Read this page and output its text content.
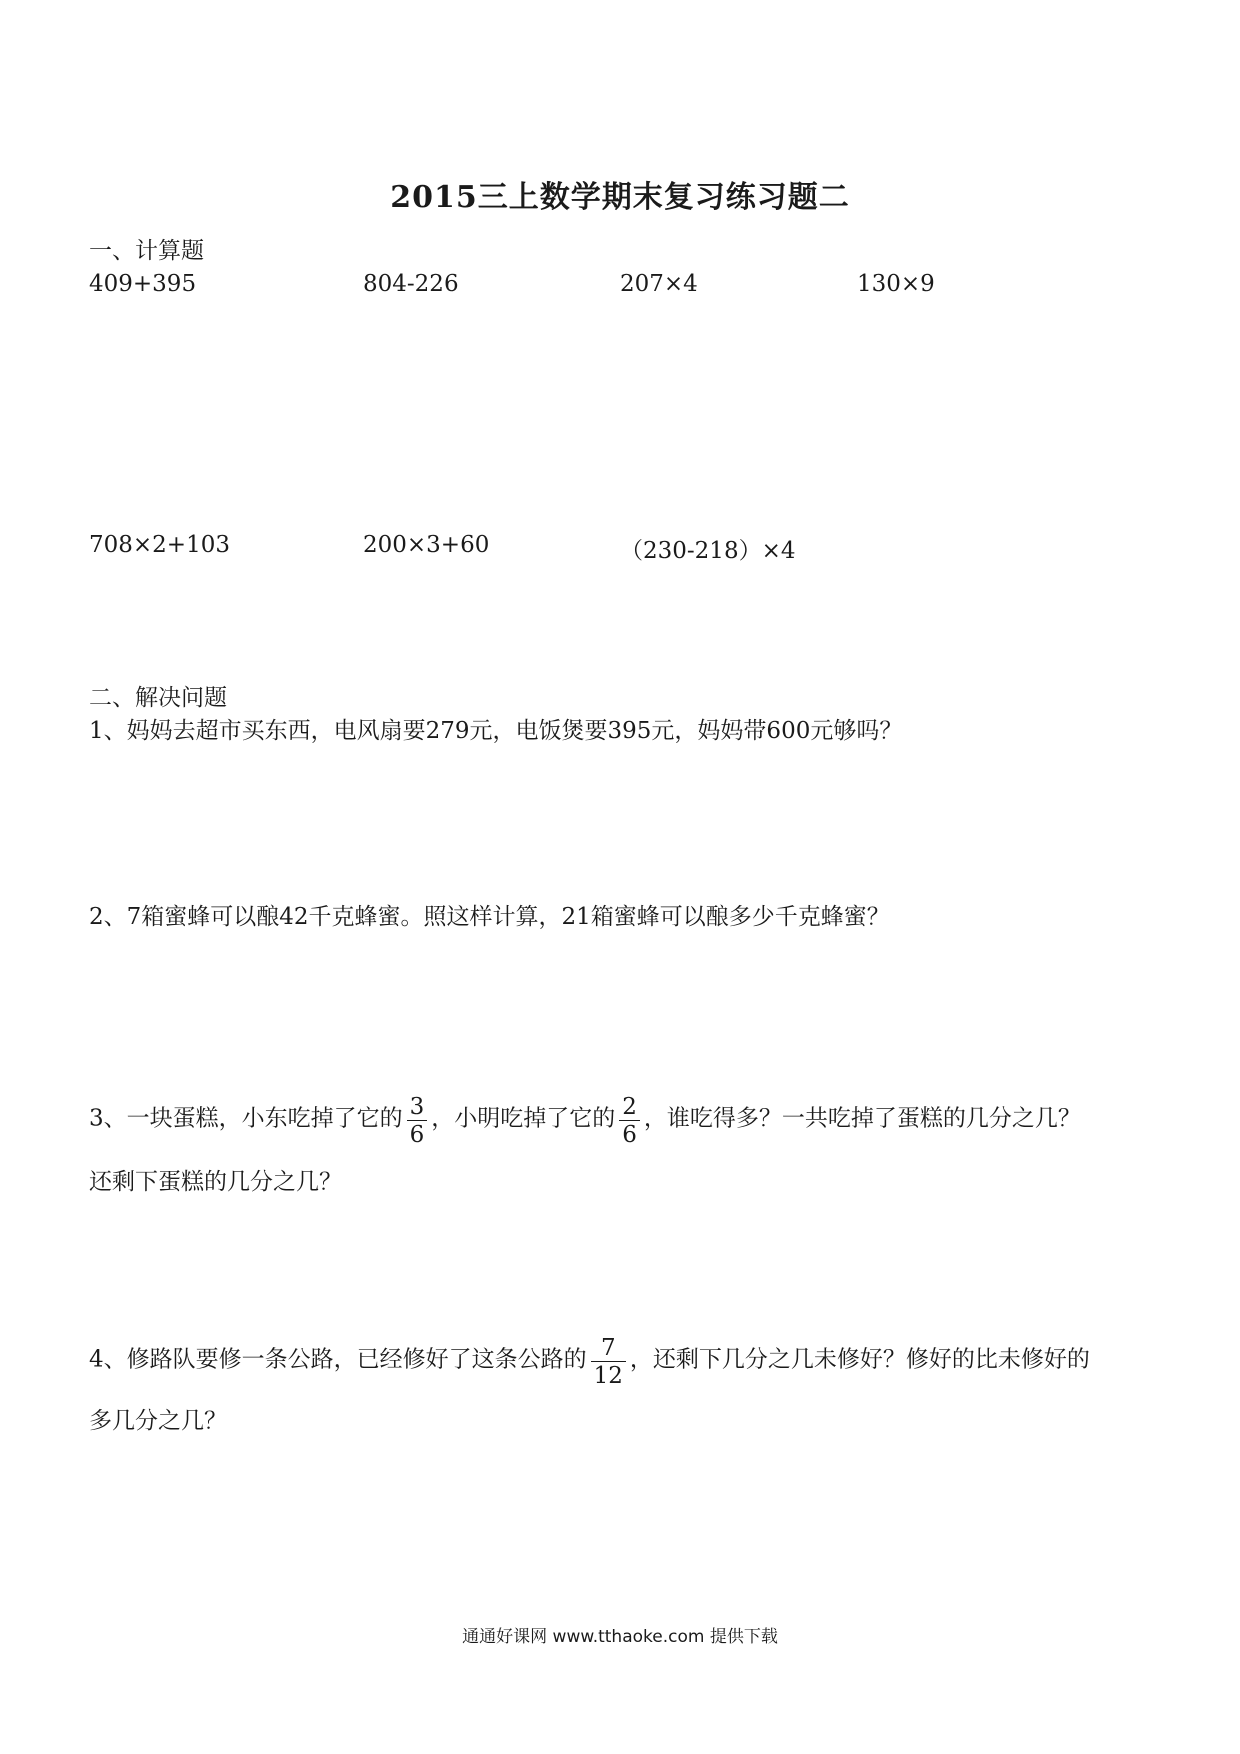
2015三上数学期末复习练习题二
一、计算题
409+395	804-226	207×4	130×9
708×2+103	200×3+60	（230-218）×4
二、解决问题
1、妈妈去超市买东西，电风扇要279元，电饭煲要395元，妈妈带600元够吗？
2、7箱蜜蜂可以酿42千克蜂蜜。照这样计算，21箱蜜蜂可以酿多少千克蜂蜜？
3、一块蛋糕，小东吃掉了它的 $\frac{3}{6}$ ，小明吃掉了它的 $\frac{2}{6}$ ，谁吃得多？一共吃掉了蛋糕的几分之几？
还剩下蛋糕的几分之几？
4、修路队要修一条公路，已经修好了这条公路的 $\frac{7}{12}$ ，还剩下几分之几未修好？修好的比未修好的
多几分之几？
通通好课网 www.tthaoke.com 提供下载
